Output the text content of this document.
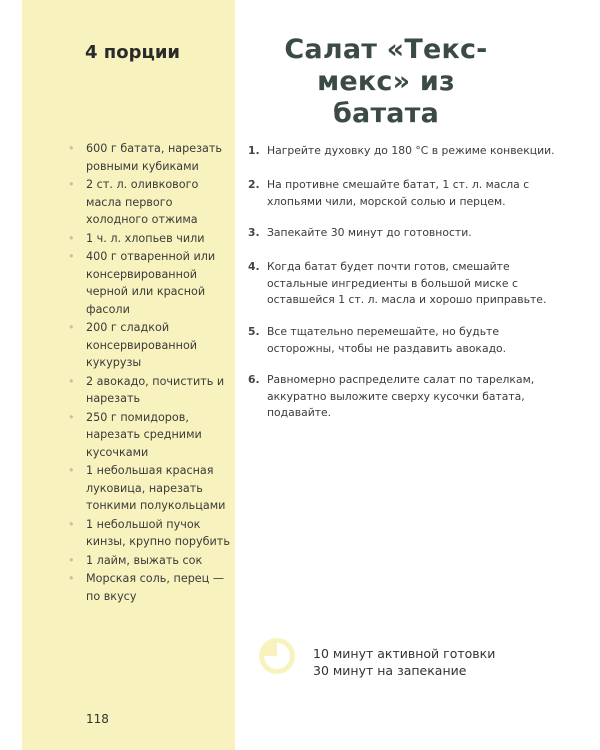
4 порции
• 600 г батата, нарезать ровными кубиками
• 2 ст. л. оливкового масла первого холодного отжима
• 1 ч. л. хлопьев чили
• 400 г отваренной или консервированной черной или красной фасоли
• 200 г сладкой консервированной кукурузы
• 2 авокадо, почистить и нарезать
• 250 г помидоров, нарезать средними кусочками
• 1 небольшая красная луковица, нарезать тонкими полукольцами
• 1 небольшой пучок кинзы, крупно порубить
• 1 лайм, выжать сок
• Морская соль, перец — по вкусу
118
Салат «Текс-мекс» из батата
1. Нагрейте духовку до 180 °C в режиме конвекции.
2. На противне смешайте батат, 1 ст. л. масла с хлопьями чили, морской солью и перцем.
3. Запекайте 30 минут до готовности.
4. Когда батат будет почти готов, смешайте остальные ингредиенты в большой миске с оставшейся 1 ст. л. масла и хорошо приправьте.
5. Все тщательно перемешайте, но будьте осторожны, чтобы не раздавить авокадо.
6. Равномерно распределите салат по тарелкам, аккуратно выложите сверху кусочки батата, подавайте.
10 минут активной готовки
30 минут на запекание
